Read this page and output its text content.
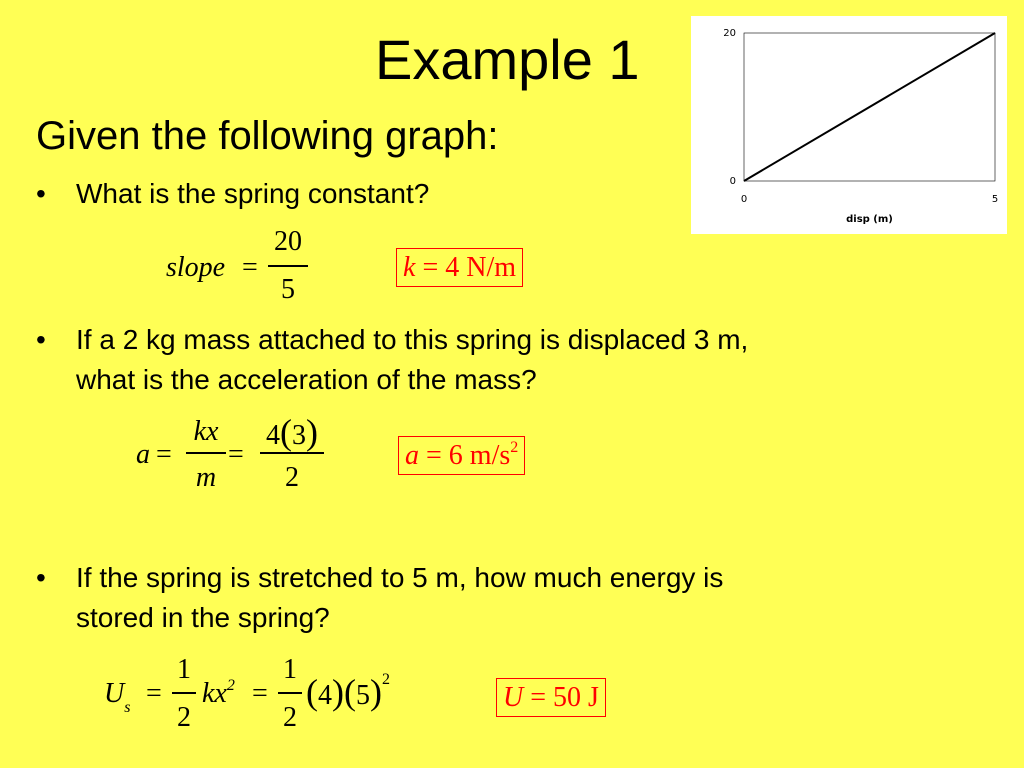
Example 1
Given the following graph:
• What is the spring constant?
slope =
20
5
k = 4 N/m
• If a 2 kg mass attached to this spring is displaced 3 m,
what is the acceleration of the mass?
a =
kx
m
=
4(3)
2
a = 6 $m/s^2$
• If the spring is stretched to 5 m, how much energy is
stored in the spring?
$U_s$ =
1
2
$kx^2$ =
1
2
$(4)(5)^2$
U = 50 J
0
20
0	5
disp (m)
